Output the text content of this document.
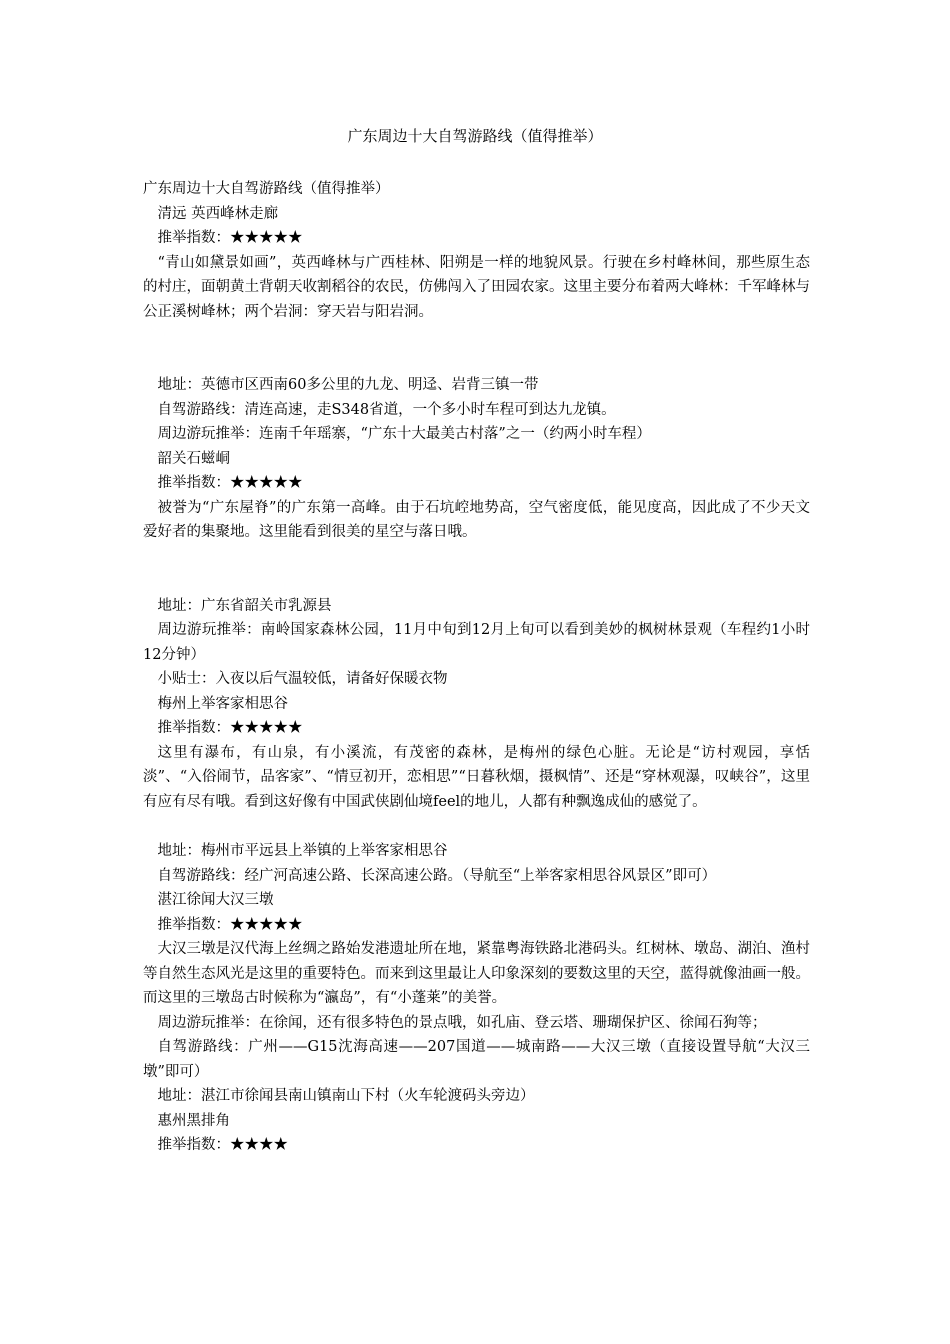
广东周边十大自驾游路线（值得推举）

广东周边十大自驾游路线（值得推举）

清远 英西峰林走廊

推举指数：★★★★★

“青山如黛景如画”，英西峰林与广西桂林、阳朔是一样的地貌风景。行驶在乡村峰林间，那些原生态的村庄，面朝黄土背朝天收割稻谷的农民，仿佛闯入了田园农家。这里主要分布着两大峰林：千军峰林与公正溪树峰林；两个岩洞：穿天岩与阳岩洞。

地址：英德市区西南60多公里的九龙、明迳、岩背三镇一带

自驾游路线：清连高速，走S348省道，一个多小时车程可到达九龙镇。

周边游玩推举：连南千年瑶寨，“广东十大最美古村落”之一（约两小时车程）

韶关石螆峒

推举指数：★★★★★

被誉为“广东屋脊”的广东第一高峰。由于石坑崆地势高，空气密度低，能见度高，因此成了不少天文爱好者的集聚地。这里能看到很美的星空与落日哦。

地址：广东省韶关市乳源县

周边游玩推举：南岭国家森林公园，11月中旬到12月上旬可以看到美妙的枫树林景观（车程约1小时12分钟）

小贴士：入夜以后气温较低，请备好保暖衣物

梅州上举客家相思谷

推举指数：★★★★★

这里有瀑布，有山泉，有小溪流，有茂密的森林，是梅州的绿色心脏。无论是“访村观园，享恬淡”、“入俗闹节，品客家”、“情豆初开，恋相思”“日暮秋烟，摄枫情”、还是“穿林观瀑，叹峡谷”，这里有应有尽有哦。看到这好像有中国武侠剧仙境feel的地儿，人都有种飘逸成仙的感觉了。

地址：梅州市平远县上举镇的上举客家相思谷

自驾游路线：经广河高速公路、长深高速公路。（导航至“上举客家相思谷风景区”即可）

湛江徐闻大汉三墩

推举指数：★★★★★

大汉三墩是汉代海上丝绸之路始发港遗址所在地，紧靠粤海铁路北港码头。红树林、墩岛、湖泊、渔村等自然生态风光是这里的重要特色。而来到这里最让人印象深刻的要数这里的天空，蓝得就像油画一般。而这里的三墩岛古时候称为“瀛岛”，有“小蓬莱”的美誉。

周边游玩推举：在徐闻，还有很多特色的景点哦，如孔庙、登云塔、珊瑚保护区、徐闻石狗等；

自驾游路线：广州——G15沈海高速——207国道——城南路——大汉三墩（直接设置导航“大汉三墩”即可）

地址：湛江市徐闻县南山镇南山下村（火车轮渡码头旁边）

惠州黑排角

推举指数：★★★★
